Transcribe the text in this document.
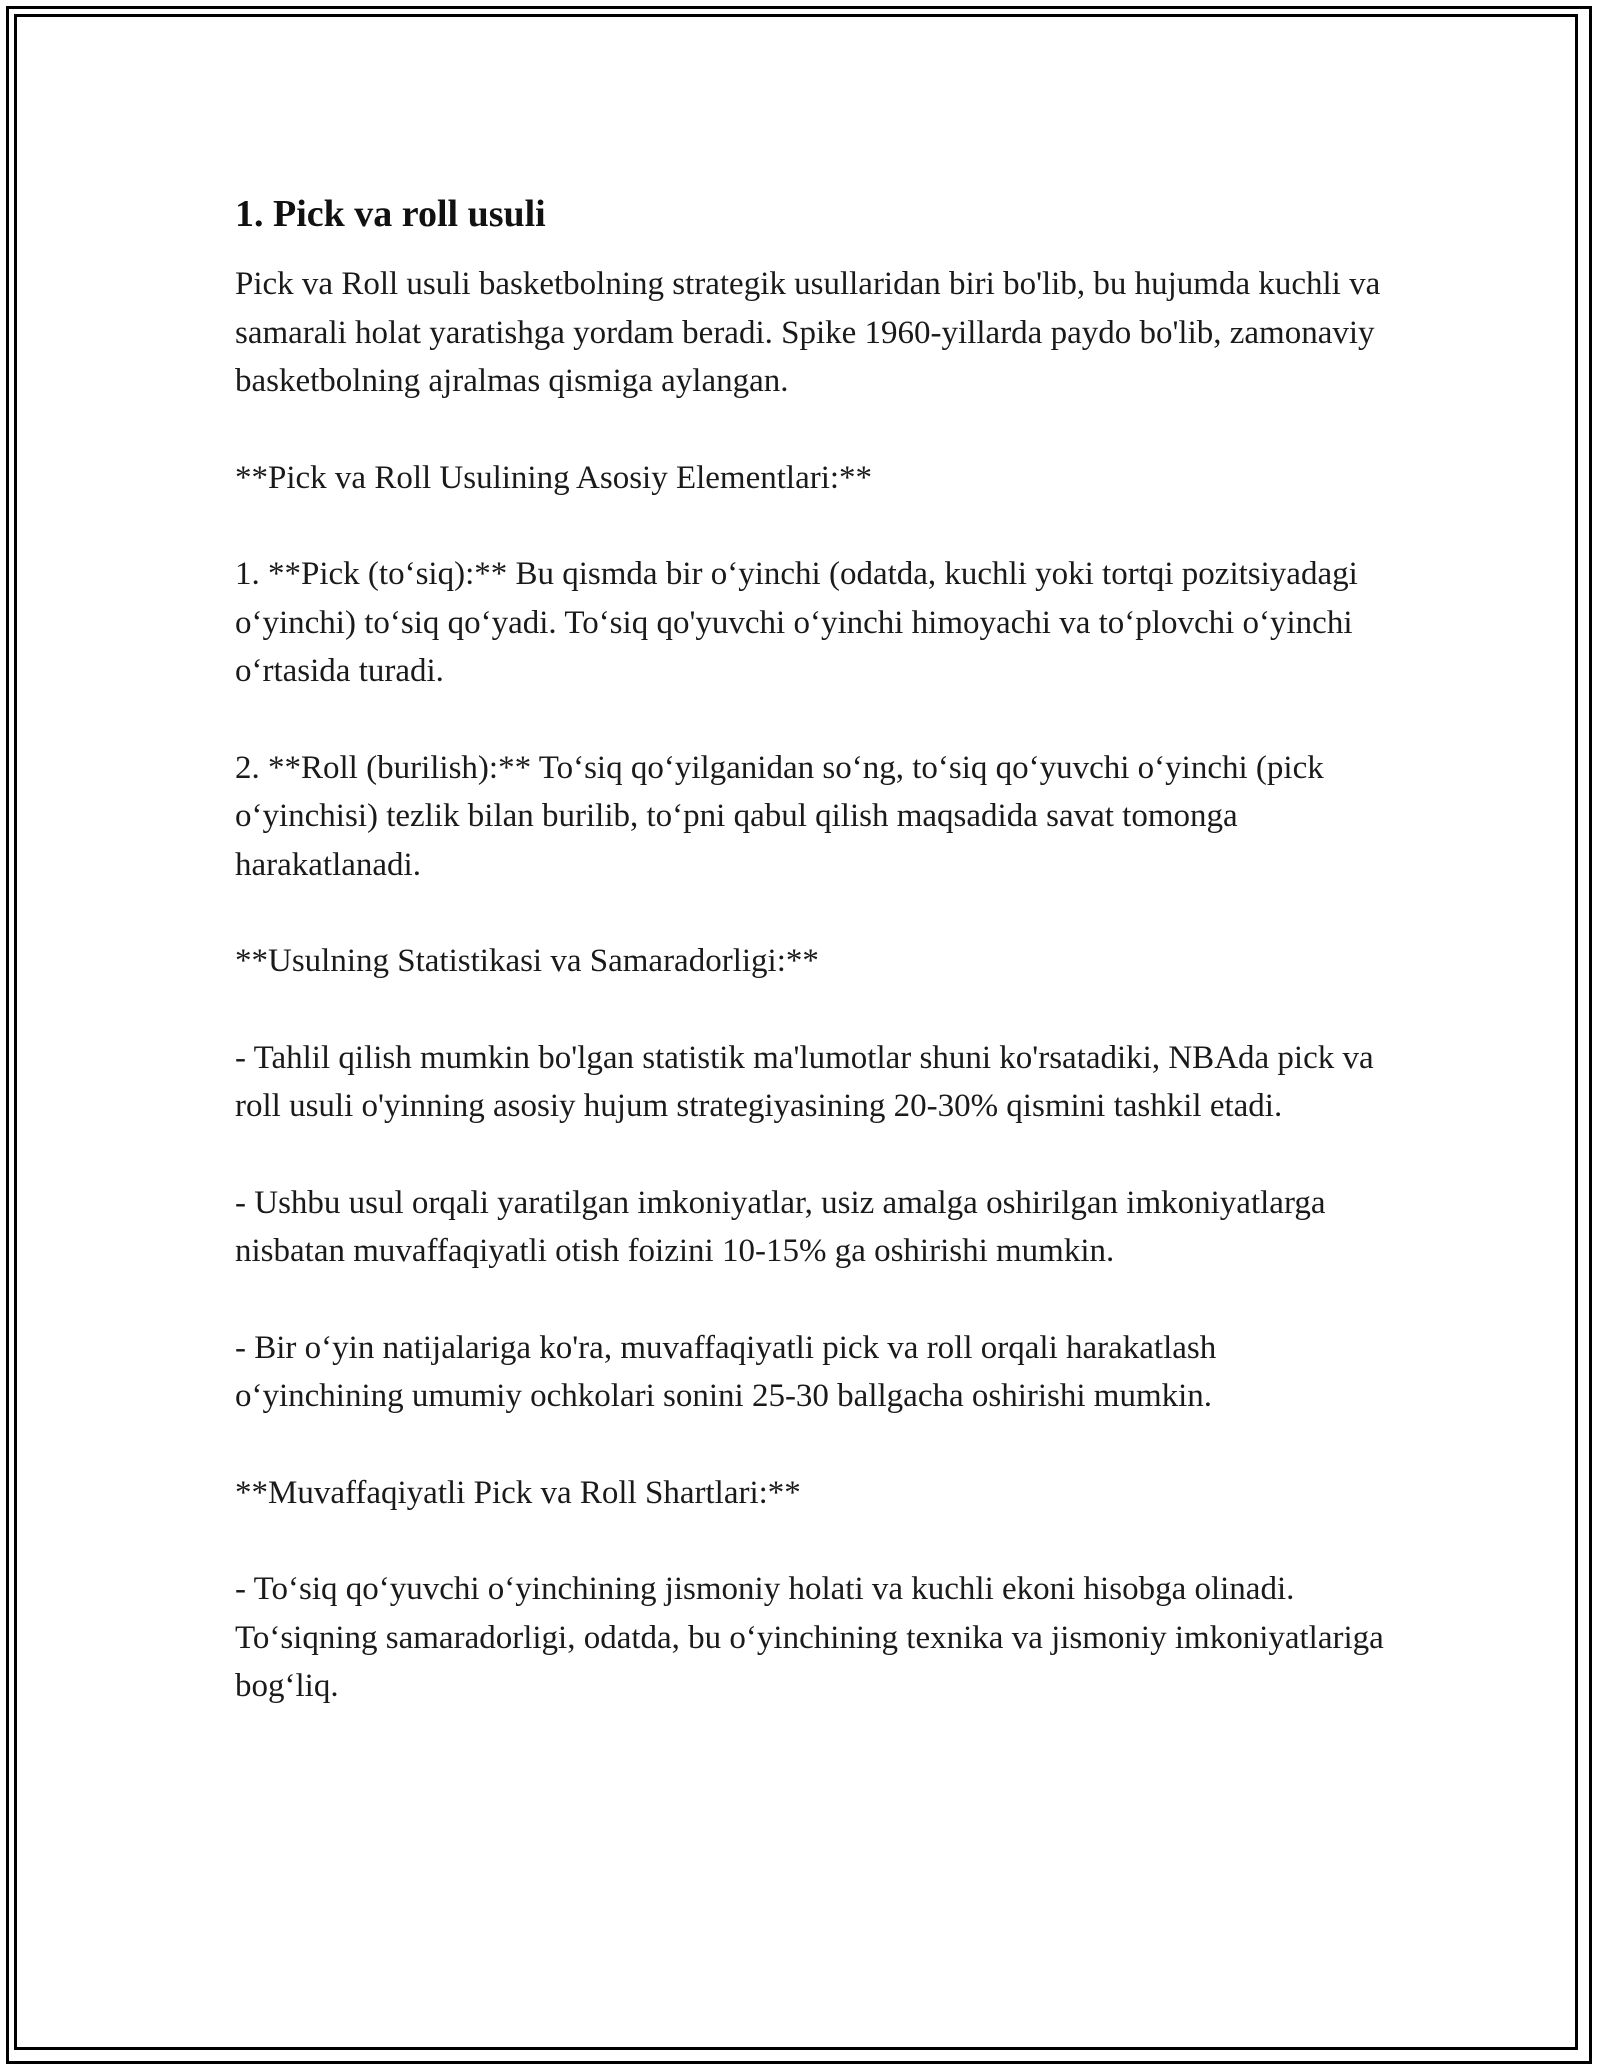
1. Pick va roll usuli

Pick va Roll usuli basketbolning strategik usullaridan biri bo'lib, bu hujumda kuchli va samarali holat yaratishga yordam beradi. Spike 1960-yillarda paydo bo'lib, zamonaviy basketbolning ajralmas qismiga aylangan.

**Pick va Roll Usulining Asosiy Elementlari:**

1. **Pick (to‘siq):** Bu qismda bir o‘yinchi (odatda, kuchli yoki tortqi pozitsiyadagi o‘yinchi) to‘siq qo‘yadi. To‘siq qo'yuvchi o‘yinchi himoyachi va to‘plovchi o‘yinchi o‘rtasida turadi.

2. **Roll (burilish):** To‘siq qo‘yilganidan so‘ng, to‘siq qo‘yuvchi o‘yinchi (pick o‘yinchisi) tezlik bilan burilib, to‘pni qabul qilish maqsadida savat tomonga harakatlanadi.

**Usulning Statistikasi va Samaradorligi:**

- Tahlil qilish mumkin bo'lgan statistik ma'lumotlar shuni ko'rsatadiki, NBAda pick va roll usuli o'yinning asosiy hujum strategiyasining 20-30% qismini tashkil etadi.

- Ushbu usul orqali yaratilgan imkoniyatlar, usiz amalga oshirilgan imkoniyatlarga nisbatan muvaffaqiyatli otish foizini 10-15% ga oshirishi mumkin.

- Bir o‘yin natijalariga ko'ra, muvaffaqiyatli pick va roll orqali harakatlash o‘yinchining umumiy ochkolari sonini 25-30 ballgacha oshirishi mumkin.

**Muvaffaqiyatli Pick va Roll Shartlari:**

- To‘siq qo‘yuvchi o‘yinchining jismoniy holati va kuchli ekoni hisobga olinadi. To‘siqning samaradorligi, odatda, bu o‘yinchining texnika va jismoniy imkoniyatlariga bog‘liq.
